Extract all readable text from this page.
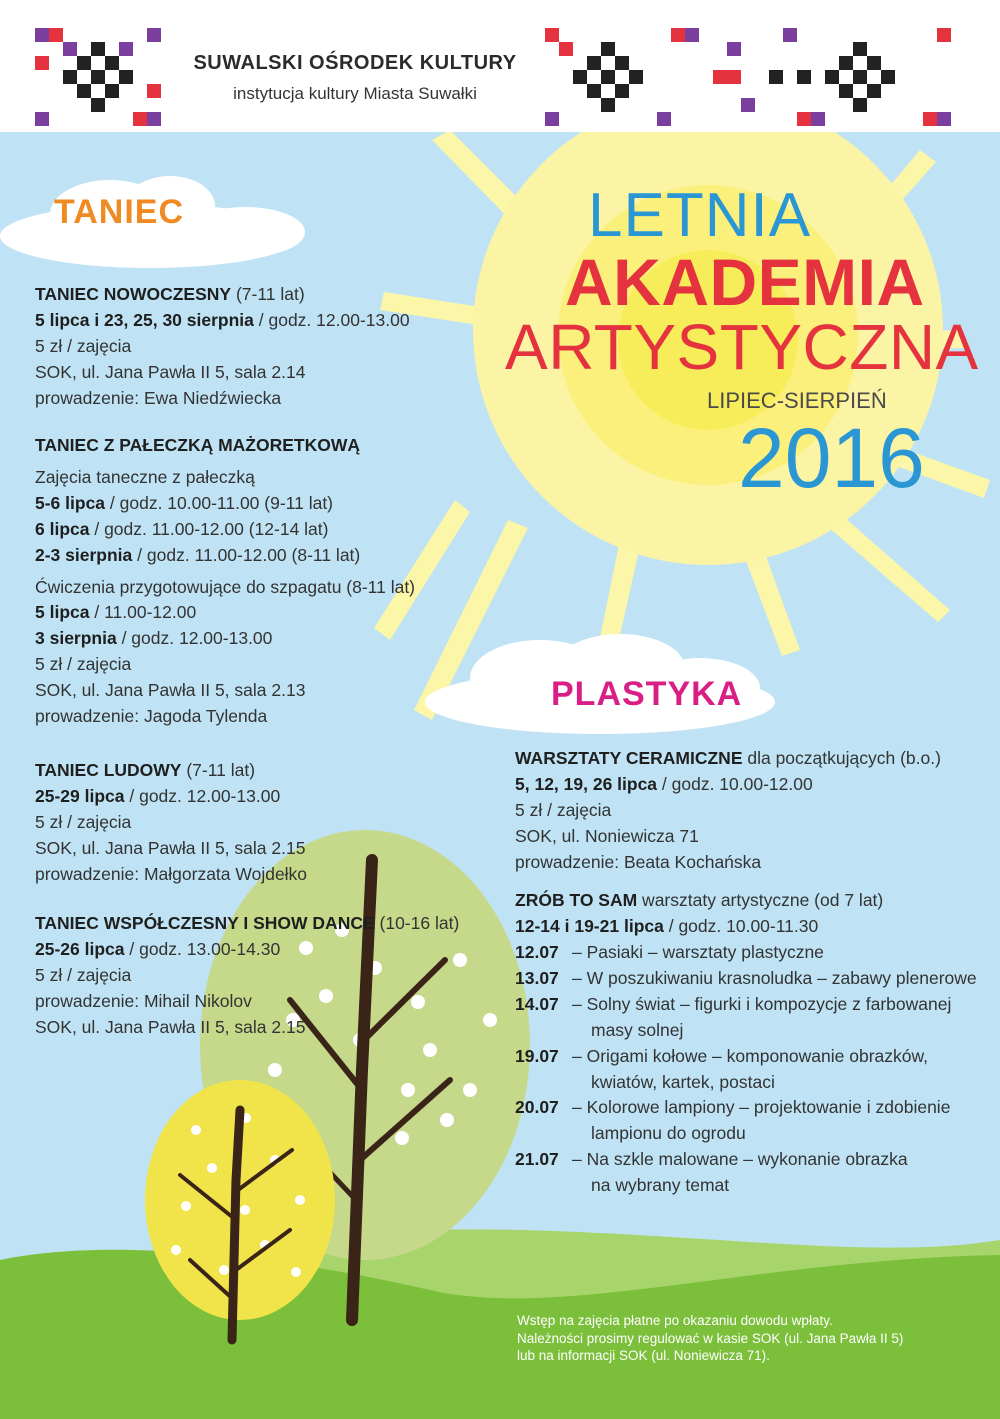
SUWALSKI OŚRODEK KULTURY
instytucja kultury Miasta Suwałki
LETNIA
AKADEMIA
ARTYSTYCZNA
LIPIEC-SIERPIEŃ
2016
TANIEC
PLASTYKA
TANIEC NOWOCZESNY (7-11 lat)
5 lipca i 23, 25, 30 sierpnia / godz. 12.00-13.00
5 zł / zajęcia
SOK, ul. Jana Pawła II 5, sala 2.14
prowadzenie: Ewa Niedźwiecka
TANIEC Z PAŁECZKĄ MAŻORETKOWĄ
Zajęcia taneczne z pałeczką
5-6 lipca / godz. 10.00-11.00 (9-11 lat)
6 lipca / godz. 11.00-12.00 (12-14 lat)
2-3 sierpnia / godz. 11.00-12.00 (8-11 lat)
Ćwiczenia przygotowujące do szpagatu (8-11 lat)
5 lipca / 11.00-12.00
3 sierpnia / godz. 12.00-13.00
5 zł / zajęcia
SOK, ul. Jana Pawła II 5, sala 2.13
prowadzenie: Jagoda Tylenda
TANIEC LUDOWY (7-11 lat)
25-29 lipca / godz. 12.00-13.00
5 zł / zajęcia
SOK, ul. Jana Pawła II 5, sala 2.15
prowadzenie: Małgorzata Wojdełko
TANIEC WSPÓŁCZESNY I SHOW DANCE (10-16 lat)
25-26 lipca / godz. 13.00-14.30
5 zł / zajęcia
prowadzenie: Mihail Nikolov
SOK, ul. Jana Pawła II 5, sala 2.15
WARSZTATY CERAMICZNE dla początkujących (b.o.)
5, 12, 19, 26 lipca / godz. 10.00-12.00
5 zł / zajęcia
SOK, ul. Noniewicza 71
prowadzenie: Beata Kochańska
ZRÓB TO SAM warsztaty artystyczne (od 7 lat)
12-14 i 19-21 lipca / godz. 10.00-11.30
12.07 – Pasiaki – warsztaty plastyczne
13.07 – W poszukiwaniu krasnoludka – zabawy plenerowe
14.07 – Solny świat – figurki i kompozycje z farbowanej
masy solnej
19.07 – Origami kołowe – komponowanie obrazków,
kwiatów, kartek, postaci
20.07 – Kolorowe lampiony – projektowanie i zdobienie
lampionu do ogrodu
21.07 – Na szkle malowane – wykonanie obrazka
na wybrany temat
Wstęp na zajęcia płatne po okazaniu dowodu wpłaty.
Należności prosimy regulować w kasie SOK (ul. Jana Pawła II 5)
lub na informacji SOK (ul. Noniewicza 71).
